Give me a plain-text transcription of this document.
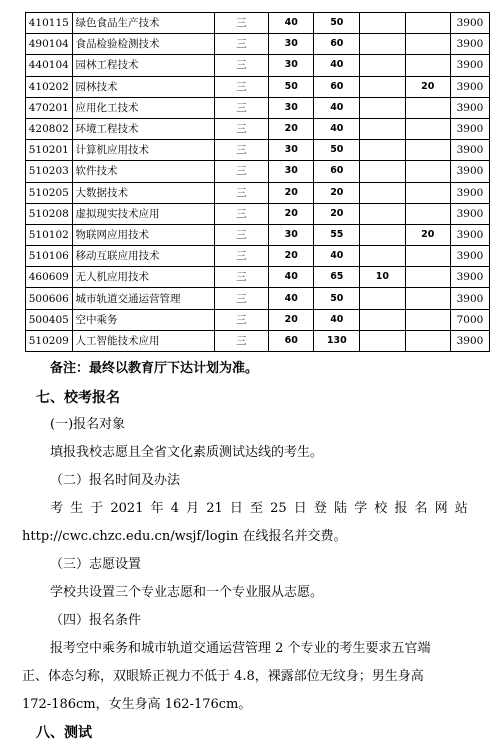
410115	绿色食品生产技术	三	40	50			3900
490104	食品检验检测技术	三	30	60			3900
440104	园林工程技术	三	30	40			3900
410202	园林技术	三	50	60		20	3900
470201	应用化工技术	三	30	40			3900
420802	环境工程技术	三	20	40			3900
510201	计算机应用技术	三	30	50			3900
510203	软件技术	三	30	60			3900
510205	大数据技术	三	20	20			3900
510208	虚拟现实技术应用	三	20	20			3900
510102	物联网应用技术	三	30	55		20	3900
510106	移动互联应用技术	三	20	40			3900
460609	无人机应用技术	三	40	65	10		3900
500606	城市轨道交通运营管理	三	40	50			3900
500405	空中乘务	三	20	40			7000
510209	人工智能技术应用	三	60	130			3900
备注：最终以教育厅下达计划为准。
七、校考报名
(一)报名对象
填报我校志愿且全省文化素质测试达线的考生。
（二）报名时间及办法
考 生 于 2021 年 4 月 21 日 至 25 日 登 陆 学 校 报 名 网 站
http://cwc.chzc.edu.cn/wsjf/login 在线报名并交费。
（三）志愿设置
学校共设置三个专业志愿和一个专业服从志愿。
（四）报名条件
报考空中乘务和城市轨道交通运营管理 2 个专业的考生要求五官端
正、体态匀称，双眼矫正视力不低于 4.8，裸露部位无纹身；男生身高
172-186cm，女生身高 162-176cm。
八、测试
